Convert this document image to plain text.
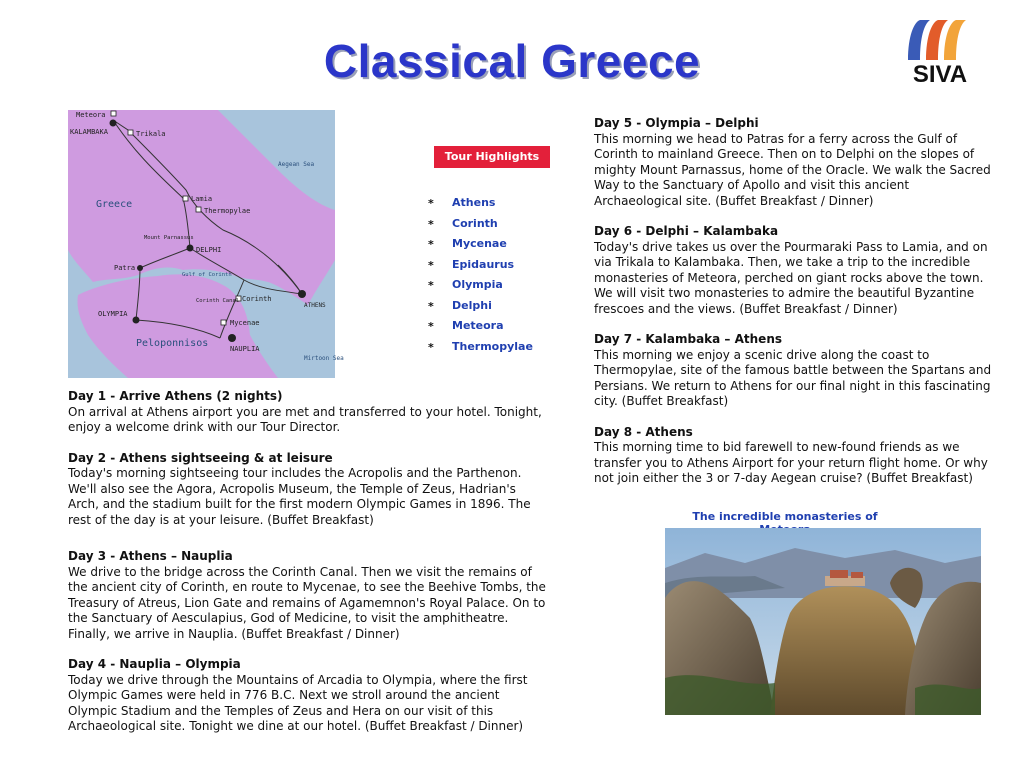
Classical Greece	SIVA
Meteora
KALAMBAKA	Trikala
Aegean Sea
Greece	Lamia
Thermopylae
Mount Parnassus
DELPHI
Patra
Gulf of Corinth
Corinth Canal Corinth
ATHENS
OLYMPIA
Mycenae
Peloponnisos	NAUPLIA
Mirtoon Sea
Tour Highlights
* Athens
* Corinth
* Mycenae
* Epidaurus
* Olympia
* Delphi
* Meteora
* Thermopylae
Day 1 - Arrive Athens (2 nights)

On arrival at Athens airport you are met and transferred to your hotel. Tonight, enjoy a welcome drink with our Tour Director.

Day 2 - Athens sightseeing & at leisure

Today's morning sightseeing tour includes the Acropolis and the Parthenon. We'll also see the Agora, Acropolis Museum, the Temple of Zeus, Hadrian's Arch, and the stadium built for the first modern Olympic Games in 1896. The rest of the day is at your leisure. (Buffet Breakfast)

Day 3 - Athens – Nauplia

We drive to the bridge across the Corinth Canal. Then we visit the remains of the ancient city of Corinth, en route to Mycenae, to see the Beehive Tombs, the Treasury of Atreus, Lion Gate and remains of Agamemnon's Royal Palace. On to the Sanctuary of Aesculapius, God of Medicine, to visit the amphitheatre. Finally, we arrive in Nauplia. (Buffet Breakfast / Dinner)

Day 4 - Nauplia – Olympia

Today we drive through the Mountains of Arcadia to Olympia, where the first Olympic Games were held in 776 B.C. Next we stroll around the ancient Olympic Stadium and the Temples of Zeus and Hera on our visit of this Archaeological site. Tonight we dine at our hotel. (Buffet Breakfast / Dinner)

Day 5 - Olympia – Delphi

This morning we head to Patras for a ferry across the Gulf of Corinth to mainland Greece. Then on to Delphi on the slopes of mighty Mount Parnassus, home of the Oracle. We walk the Sacred Way to the Sanctuary of Apollo and visit this ancient Archaeological site. (Buffet Breakfast / Dinner)

Day 6 - Delphi – Kalambaka

Today's drive takes us over the Pourmaraki Pass to Lamia, and on via Trikala to Kalambaka. Then, we take a trip to the incredible monasteries of Meteora, perched on giant rocks above the town. We will visit two monasteries to admire the beautiful Byzantine frescoes and the views. (Buffet Breakfast / Dinner)

Day 7 - Kalambaka – Athens

This morning we enjoy a scenic drive along the coast to Thermopylae, site of the famous battle between the Spartans and Persians. We return to Athens for our final night in this fascinating city. (Buffet Breakfast)

Day 8 - Athens

This morning time to bid farewell to new-found friends as we transfer you to Athens Airport for your return flight home. Or why not join either the 3 or 7-day Aegean cruise? (Buffet Breakfast)

The incredible monasteries of
